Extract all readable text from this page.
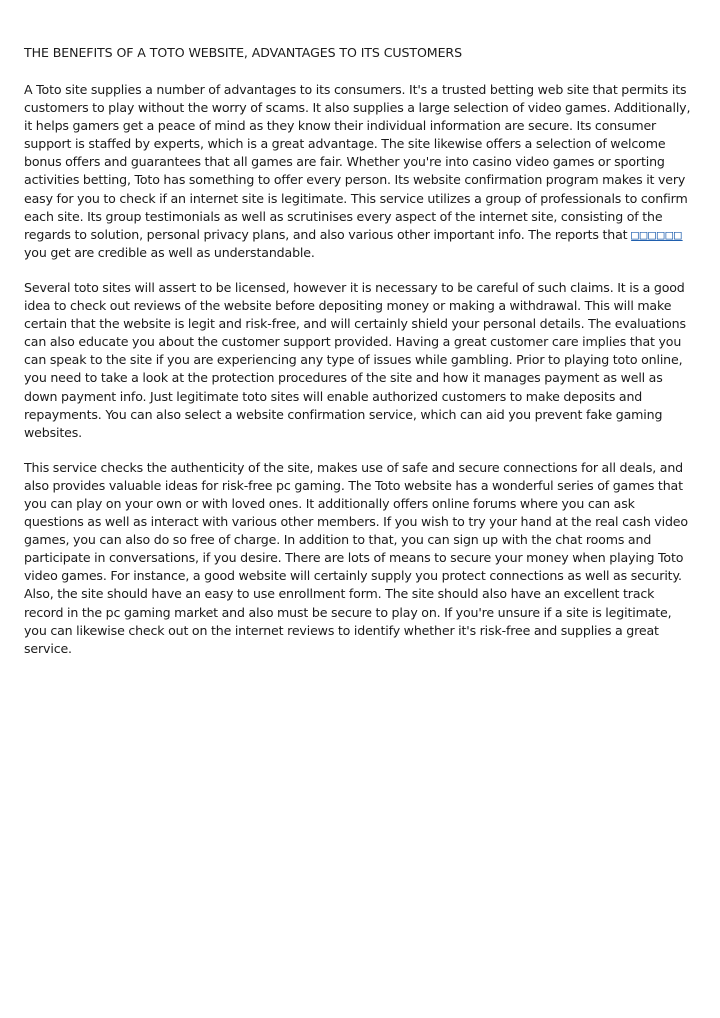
THE BENEFITS OF A TOTO WEBSITE, ADVANTAGES TO ITS CUSTOMERS

A Toto site supplies a number of advantages to its consumers. It's a trusted betting web site that permits its customers to play without the worry of scams. It also supplies a large selection of video games. Additionally, it helps gamers get a peace of mind as they know their individual information are secure. Its consumer support is staffed by experts, which is a great advantage. The site likewise offers a selection of welcome bonus offers and guarantees that all games are fair. Whether you're into casino video games or sporting activities betting, Toto has something to offer every person. Its website confirmation program makes it very easy for you to check if an internet site is legitimate. This service utilizes a group of professionals to confirm each site. Its group testimonials as well as scrutinises every aspect of the internet site, consisting of the regards to solution, personal privacy plans, and also various other important info. The reports that □□□□□□ you get are credible as well as understandable.

Several toto sites will assert to be licensed, however it is necessary to be careful of such claims. It is a good idea to check out reviews of the website before depositing money or making a withdrawal. This will make certain that the website is legit and risk-free, and will certainly shield your personal details. The evaluations can also educate you about the customer support provided. Having a great customer care implies that you can speak to the site if you are experiencing any type of issues while gambling. Prior to playing toto online, you need to take a look at the protection procedures of the site and how it manages payment as well as down payment info. Just legitimate toto sites will enable authorized customers to make deposits and repayments. You can also select a website confirmation service, which can aid you prevent fake gaming websites.

This service checks the authenticity of the site, makes use of safe and secure connections for all deals, and also provides valuable ideas for risk-free pc gaming. The Toto website has a wonderful series of games that you can play on your own or with loved ones. It additionally offers online forums where you can ask questions as well as interact with various other members. If you wish to try your hand at the real cash video games, you can also do so free of charge. In addition to that, you can sign up with the chat rooms and participate in conversations, if you desire. There are lots of means to secure your money when playing Toto video games. For instance, a good website will certainly supply you protect connections as well as security. Also, the site should have an easy to use enrollment form. The site should also have an excellent track record in the pc gaming market and also must be secure to play on. If you're unsure if a site is legitimate, you can likewise check out on the internet reviews to identify whether it's risk-free and supplies a great service.
